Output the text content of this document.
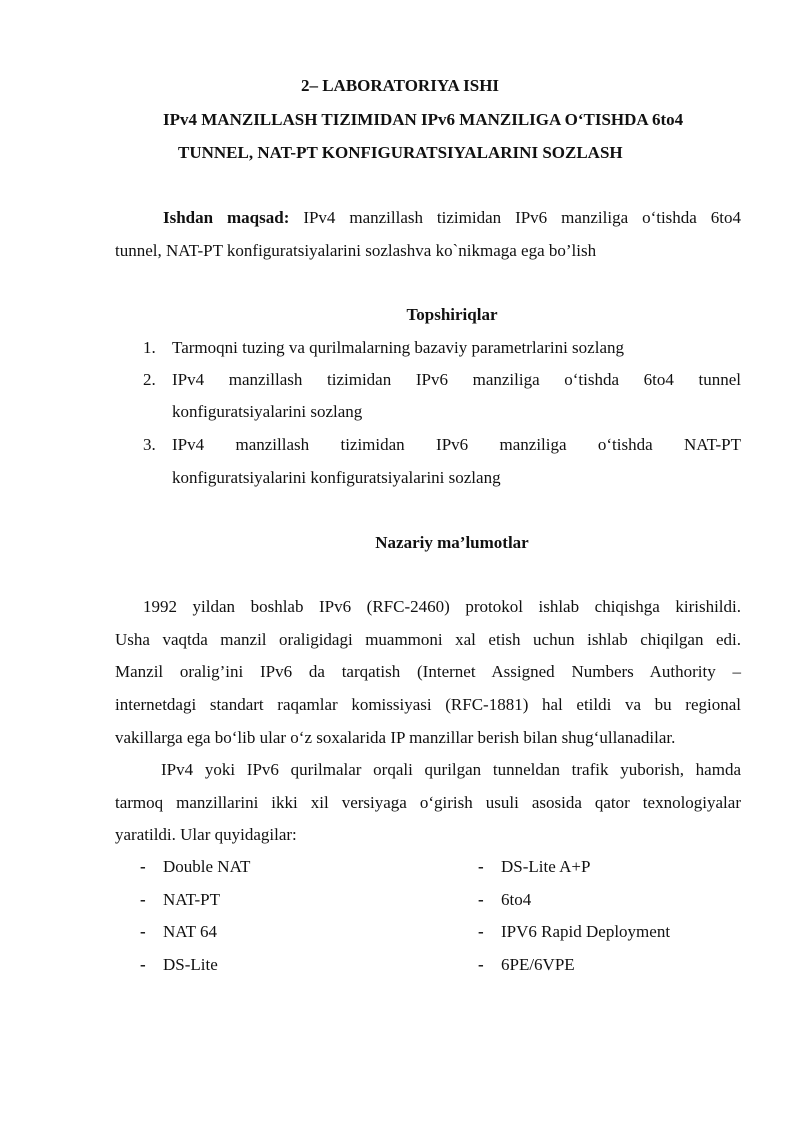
2– LABORATORIYA ISHI
IPv4 MANZILLASH TIZIMIDAN IPv6 MANZILIGA O‘TISHDA 6to4
TUNNEL, NAT-PT KONFIGURATSIYALARINI SOZLASH
Ishdan maqsad: IPv4 manzillash tizimidan IPv6 manziliga o‘tishda 6to4
tunnel, NAT-PT konfiguratsiyalarini sozlashva ko`nikmaga ega bo’lish
Topshiriqlar
1. Tarmoqni tuzing va qurilmalarning bazaviy parametrlarini sozlang
2. IPv4 manzillash tizimidan IPv6 manziliga o‘tishda 6to4 tunnel
konfiguratsiyalarini sozlang
3. IPv4 manzillash tizimidan IPv6 manziliga o‘tishda NAT-PT
konfiguratsiyalarini konfiguratsiyalarini sozlang
Nazariy ma’lumotlar
1992 yildan boshlab IPv6 (RFC-2460) protokol ishlab chiqishga kirishildi.
Usha vaqtda manzil oraligidagi muammoni xal etish uchun ishlab chiqilgan edi.
Manzil oralig’ini IPv6 da tarqatish (Internet Assigned Numbers Authority –
internetdagi standart raqamlar komissiyasi (RFC-1881) hal etildi va bu regional
vakillarga ega bo‘lib ular o‘z soxalarida IP manzillar berish bilan shug‘ullanadilar.
IPv4 yoki IPv6 qurilmalar orqali qurilgan tunneldan trafik yuborish, hamda
tarmoq manzillarini ikki xil versiyaga o‘girish usuli asosida qator texnologiyalar
yaratildi. Ular quyidagilar:
- Double NAT	- DS-Lite A+P
- NAT-PT	- 6to4
- NAT 64	- IPV6 Rapid Deployment
- DS-Lite	- 6PE/6VPE
